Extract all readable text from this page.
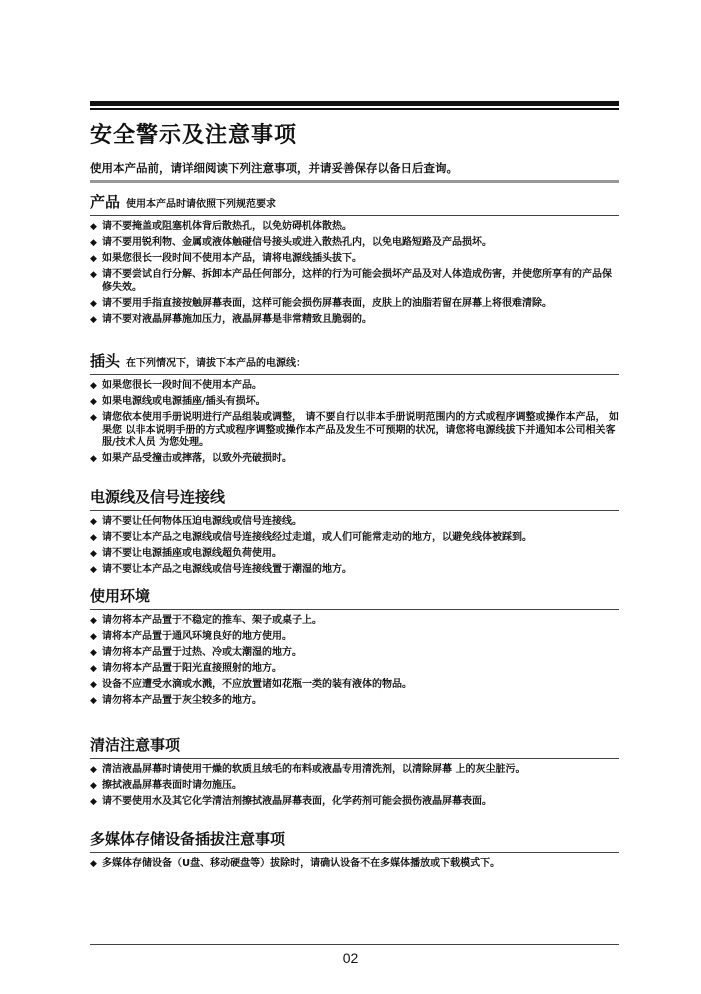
安全警示及注意事项

使用本产品前，请详细阅读下列注意事项，并请妥善保存以备日后查询。

产品 使用本产品时请依照下列规范要求
◆ 请不要掩盖或阻塞机体背后散热孔，以免妨碍机体散热。
◆ 请不要用锐利物、金属或液体触碰信号接头或进入散热孔内，以免电路短路及产品损坏。
◆ 如果您很长一段时间不使用本产品，请将电源线插头拔下。
◆ 请不要尝试自行分解、拆卸本产品任何部分，这样的行为可能会损坏产品及对人体造成伤害，并使您所享有的产品保修失效。
◆ 请不要用手指直接按触屏幕表面，这样可能会损伤屏幕表面，皮肤上的油脂若留在屏幕上将很难清除。
◆ 请不要对液晶屏幕施加压力，液晶屏幕是非常精致且脆弱的。
插头 在下列情况下，请拔下本产品的电源线：
◆ 如果您很长一段时间不使用本产品。
◆ 如果电源线或电源插座/插头有损坏。
◆ 请您依本使用手册说明进行产品组装或调整， 请不要自行以非本手册说明范围内的方式或程序调整或操作本产品， 如果您 以非本说明手册的方式或程序调整或操作本产品及发生不可预期的状况，请您将电源线拔下并通知本公司相关客服/技术人员 为您处理。
◆ 如果产品受撞击或摔落，以致外壳破损时。
电源线及信号连接线
◆ 请不要让任何物体压迫电源线或信号连接线。
◆ 请不要让本产品之电源线或信号连接线经过走道，或人们可能常走动的地方，以避免线体被踩到。
◆ 请不要让电源插座或电源线超负荷使用。
◆ 请不要让本产品之电源线或信号连接线置于潮湿的地方。
使用环境
◆ 请勿将本产品置于不稳定的推车、架子或桌子上。
◆ 请将本产品置于通风环境良好的地方使用。
◆ 请勿将本产品置于过热、冷或太潮湿的地方。
◆ 请勿将本产品置于阳光直接照射的地方。
◆ 设备不应遭受水滴或水溅，不应放置诸如花瓶一类的装有液体的物品。
◆ 请勿将本产品置于灰尘较多的地方。
清洁注意事项
◆ 清洁液晶屏幕时请使用干燥的软质且绒毛的布料或液晶专用清洗剂，以清除屏幕 上的灰尘脏污。
◆ 擦拭液晶屏幕表面时请勿施压。
◆ 请不要使用水及其它化学清洁剂擦拭液晶屏幕表面，化学药剂可能会损伤液晶屏幕表面。
多媒体存储设备插拔注意事项
◆ 多媒体存储设备（U盘、移动硬盘等）拔除时，请确认设备不在多媒体播放或下载模式下。
02
